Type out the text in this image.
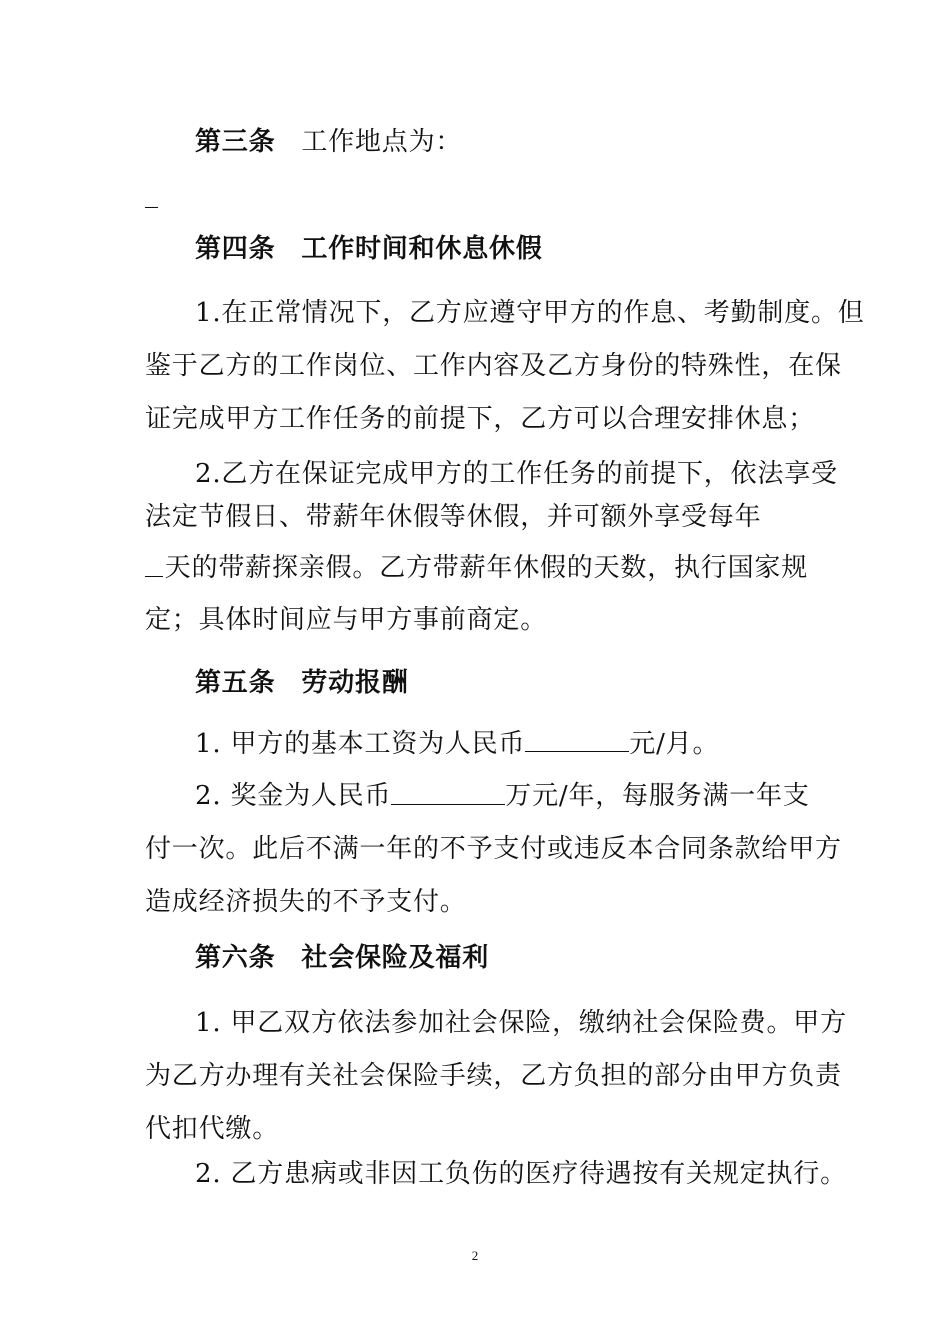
第三条 工作地点为：
_
第四条 工作时间和休息休假
1.在正常情况下，乙方应遵守甲方的作息、考勤制度。但
鉴于乙方的工作岗位、工作内容及乙方身份的特殊性，在保
证完成甲方工作任务的前提下，乙方可以合理安排休息；
2.乙方在保证完成甲方的工作任务的前提下，依法享受
法定节假日、带薪年休假等休假，并可额外享受每年
天的带薪探亲假。乙方带薪年休假的天数，执行国家规
定；具体时间应与甲方事前商定。
第五条 劳动报酬
1. 甲方的基本工资为人民币	元/月。
2. 奖金为人民币	万元/年，每服务满一年支
付一次。此后不满一年的不予支付或违反本合同条款给甲方
造成经济损失的不予支付。
第六条 社会保险及福利
1. 甲乙双方依法参加社会保险，缴纳社会保险费。甲方
为乙方办理有关社会保险手续，乙方负担的部分由甲方负责
代扣代缴。
2. 乙方患病或非因工负伤的医疗待遇按有关规定执行。
2
